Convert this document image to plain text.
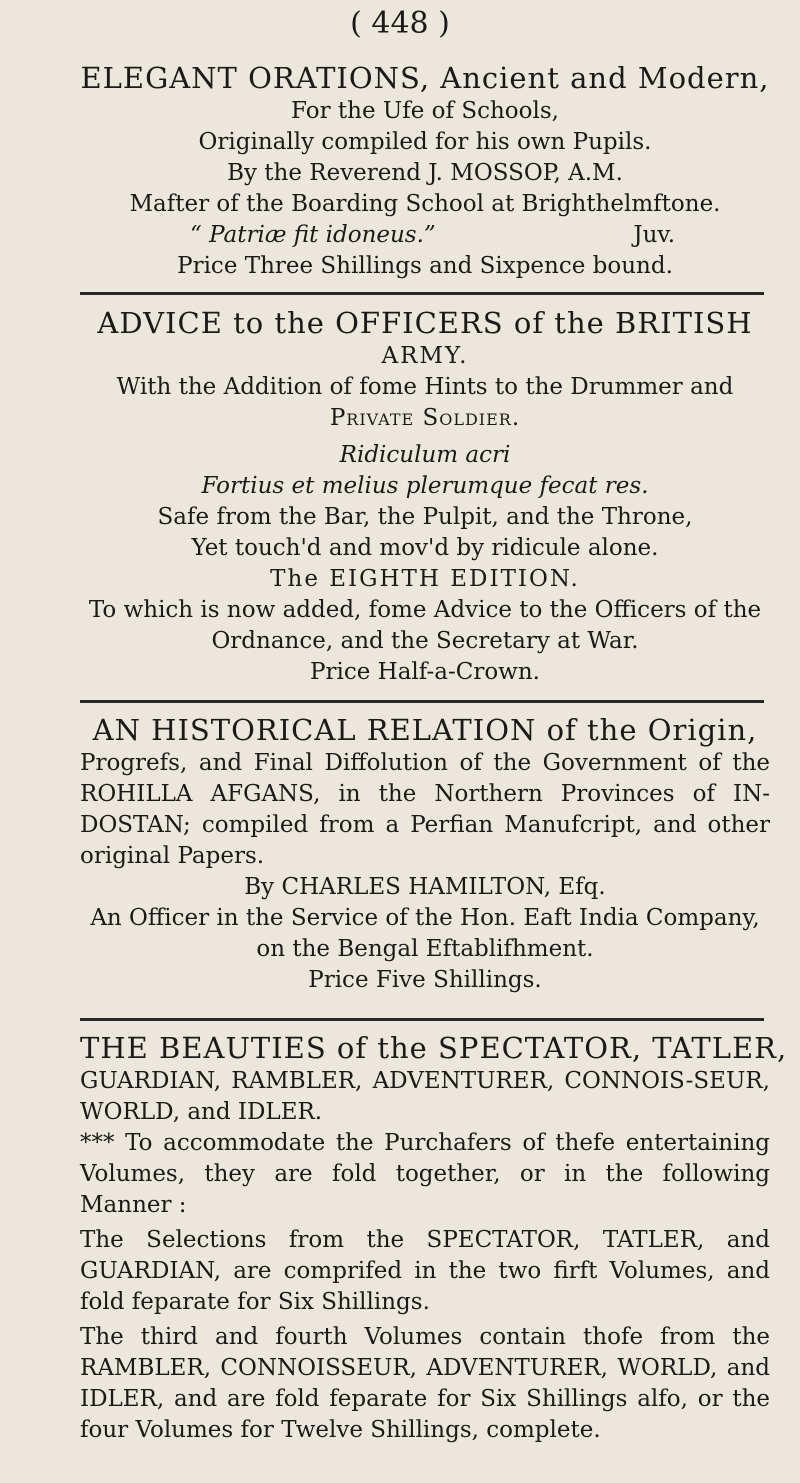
( 448 )
ELEGANT ORATIONS, Ancient and Modern,
For the Ufe of Schools,
Originally compiled for his own Pupils.
By the Reverend J. MOSSOP, A.M.
Mafter of the Boarding School at Brighthelmftone.
“ Patriæ fit idoneus.”	Juv.
Price Three Shillings and Sixpence bound.
ADVICE to the OFFICERS of the BRITISH
ARMY.
With the Addition of fome Hints to the Drummer and
Private Soldier.
Ridiculum acri
Fortius et melius plerumque fecat res.
Safe from the Bar, the Pulpit, and the Throne,
Yet touch'd and mov'd by ridicule alone.
The EIGHTH EDITION.
To which is now added, fome Advice to the Officers of the Ordnance, and the Secretary at War.
Price Half-a-Crown.
AN HISTORICAL RELATION of the Origin,
Progrefs, and Final Diffolution of the Government of the ROHILLA AFGANS, in the Northern Provinces of IN-DOSTAN; compiled from a Perfian Manufcript, and other original Papers.
By CHARLES HAMILTON, Efq.
An Officer in the Service of the Hon. Eaft India Company, on the Bengal Eftablifhment.
Price Five Shillings.
THE BEAUTIES of the SPECTATOR, TATLER,
GUARDIAN, RAMBLER, ADVENTURER, CONNOIS-SEUR, WORLD, and IDLER.
*** To accommodate the Purchafers of thefe entertaining Volumes, they are fold together, or in the following Manner :
The Selections from the SPECTATOR, TATLER, and GUARDIAN, are comprifed in the two firft Volumes, and fold feparate for Six Shillings.
The third and fourth Volumes contain thofe from the RAMBLER, CONNOISSEUR, ADVENTURER, WORLD, and IDLER, and are fold feparate for Six Shillings alfo, or the four Volumes for Twelve Shillings, complete.
